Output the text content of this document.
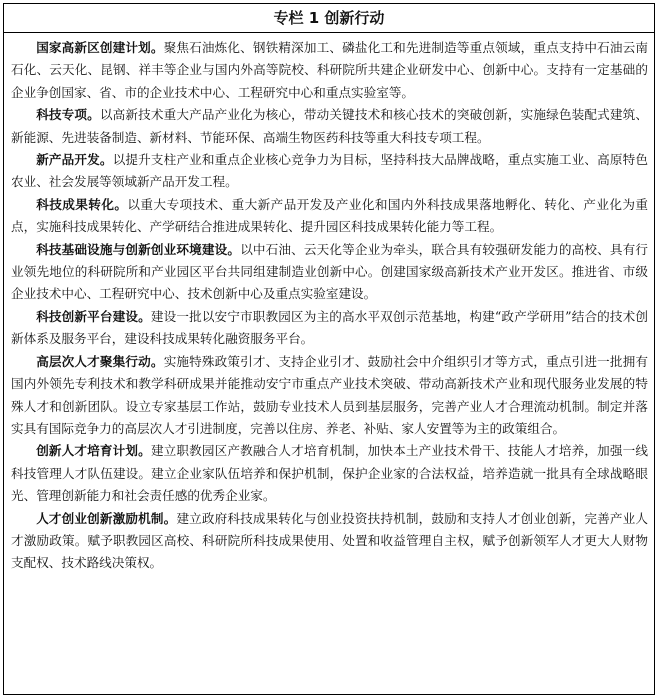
专栏 1 创新行动

国家高新区创建计划。聚焦石油炼化、钢铁精深加工、磷盐化工和先进制造等重点领域，重点支持中石油云南石化、云天化、昆钢、祥丰等企业与国内外高等院校、科研院所共建企业研发中心、创新中心。支持有一定基础的企业争创国家、省、市的企业技术中心、工程研究中心和重点实验室等。

科技专项。以高新技术重大产品产业化为核心，带动关键技术和核心技术的突破创新，实施绿色装配式建筑、新能源、先进装备制造、新材料、节能环保、高端生物医药科技等重大科技专项工程。

新产品开发。以提升支柱产业和重点企业核心竞争力为目标，坚持科技大品牌战略，重点实施工业、高原特色农业、社会发展等领域新产品开发工程。

科技成果转化。以重大专项技术、重大新产品开发及产业化和国内外科技成果落地孵化、转化、产业化为重点，实施科技成果转化、产学研结合推进成果转化、提升园区科技成果转化能力等工程。

科技基础设施与创新创业环境建设。以中石油、云天化等企业为牵头，联合具有较强研发能力的高校、具有行业领先地位的科研院所和产业园区平台共同组建制造业创新中心。创建国家级高新技术产业开发区。推进省、市级企业技术中心、工程研究中心、技术创新中心及重点实验室建设。

科技创新平台建设。建设一批以安宁市职教园区为主的高水平双创示范基地，构建“政产学研用”结合的技术创新体系及服务平台，建设科技成果转化融资服务平台。

高层次人才聚集行动。实施特殊政策引才、支持企业引才、鼓励社会中介组织引才等方式，重点引进一批拥有国内外领先专利技术和教学科研成果并能推动安宁市重点产业技术突破、带动高新技术产业和现代服务业发展的特殊人才和创新团队。设立专家基层工作站，鼓励专业技术人员到基层服务，完善产业人才合理流动机制。制定并落实具有国际竞争力的高层次人才引进制度，完善以住房、养老、补贴、家人安置等为主的政策组合。

创新人才培育计划。建立职教园区产教融合人才培育机制，加快本土产业技术骨干、技能人才培养，加强一线科技管理人才队伍建设。建立企业家队伍培养和保护机制，保护企业家的合法权益，培养造就一批具有全球战略眼光、管理创新能力和社会责任感的优秀企业家。

人才创业创新激励机制。建立政府科技成果转化与创业投资扶持机制，鼓励和支持人才创业创新，完善产业人才激励政策。赋予职教园区高校、科研院所科技成果使用、处置和收益管理自主权，赋予创新领军人才更大人财物支配权、技术路线决策权。
